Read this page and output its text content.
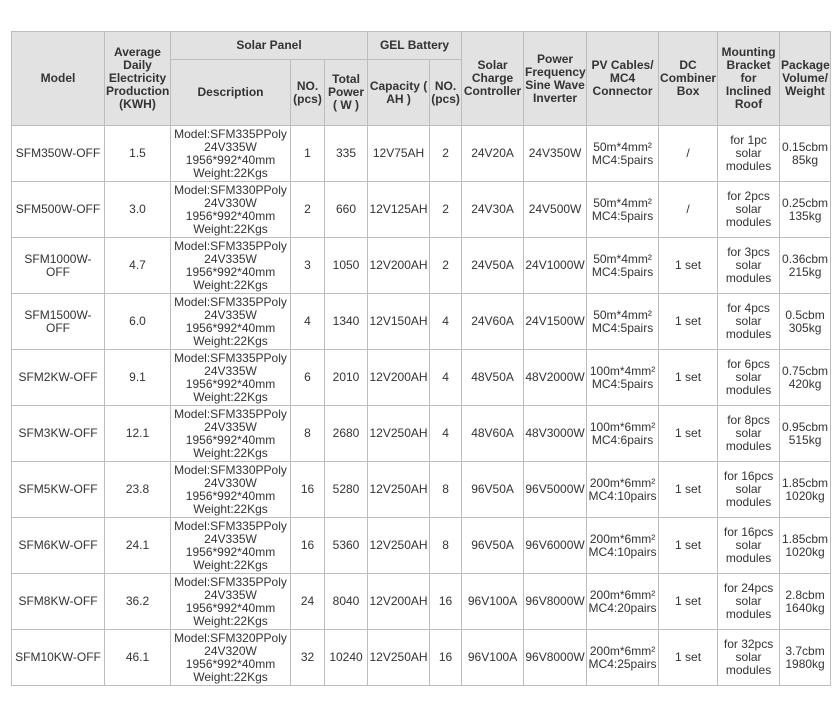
Model	Average Daily Electricity Production (KWH)	Solar Panel			GEL Battery		Solar Charge Controller	Power Frequency Sine Wave Inverter	PV Cables/ MC4 Connector	DC Combiner Box	Mounting Bracket for Inclined Roof	Package Volume/ Weight
		Description	NO. (pcs)	Total Power ( W )	Capacity ( AH )	NO. (pcs)						
SFM350W-OFF	1.5	Model:SFM335PPoly
24V335W
1956*992*40mm
Weight:22Kgs	1	335	12V75AH	2	24V20A	24V350W	50m*4mm²
MC4:5pairs	/	for 1pc
solar
modules	0.15cbm
85kg

SFM500W-OFF	3.0	Model:SFM330PPoly
24V330W
1956*992*40mm
Weight:22Kgs	2	660	12V125AH	2	24V30A	24V500W	50m*4mm²
MC4:5pairs	/	for 2pcs
solar
modules	0.25cbm
135kg

SFM1000W-OFF	4.7	Model:SFM335PPoly
24V335W
1956*992*40mm
Weight:22Kgs	3	1050	12V200AH	2	24V50A	24V1000W	50m*4mm²
MC4:5pairs	1 set	for 3pcs
solar
modules	0.36cbm
215kg

SFM1500W-OFF	6.0	Model:SFM335PPoly
24V335W
1956*992*40mm
Weight:22Kgs	4	1340	12V150AH	4	24V60A	24V1500W	50m*4mm²
MC4:5pairs	1 set	for 4pcs
solar
modules	0.5cbm
305kg

SFM2KW-OFF	9.1	Model:SFM335PPoly
24V335W
1956*992*40mm
Weight:22Kgs	6	2010	12V200AH	4	48V50A	48V2000W	100m*4mm²
MC4:5pairs	1 set	for 6pcs
solar
modules	0.75cbm
420kg

SFM3KW-OFF	12.1	Model:SFM335PPoly
24V335W
1956*992*40mm
Weight:22Kgs	8	2680	12V250AH	4	48V60A	48V3000W	100m*6mm²
MC4:6pairs	1 set	for 8pcs
solar
modules	0.95cbm
515kg

SFM5KW-OFF	23.8	Model:SFM330PPoly
24V330W
1956*992*40mm
Weight:22Kgs	16	5280	12V250AH	8	96V50A	96V5000W	200m*6mm²
MC4:10pairs	1 set	for 16pcs
solar
modules	1.85cbm
1020kg

SFM6KW-OFF	24.1	Model:SFM335PPoly
24V335W
1956*992*40mm
Weight:22Kgs	16	5360	12V250AH	8	96V50A	96V6000W	200m*6mm²
MC4:10pairs	1 set	for 16pcs
solar
modules	1.85cbm
1020kg

SFM8KW-OFF	36.2	Model:SFM335PPoly
24V335W
1956*992*40mm
Weight:22Kgs	24	8040	12V200AH	16	96V100A	96V8000W	200m*6mm²
MC4:20pairs	1 set	for 24pcs
solar
modules	2.8cbm
1640kg

SFM10KW-OFF	46.1	Model:SFM320PPoly
24V320W
1956*992*40mm
Weight:22Kgs	32	10240	12V250AH	16	96V100A	96V8000W	200m*6mm²
MC4:25pairs	1 set	for 32pcs
solar
modules	3.7cbm
1980kg
